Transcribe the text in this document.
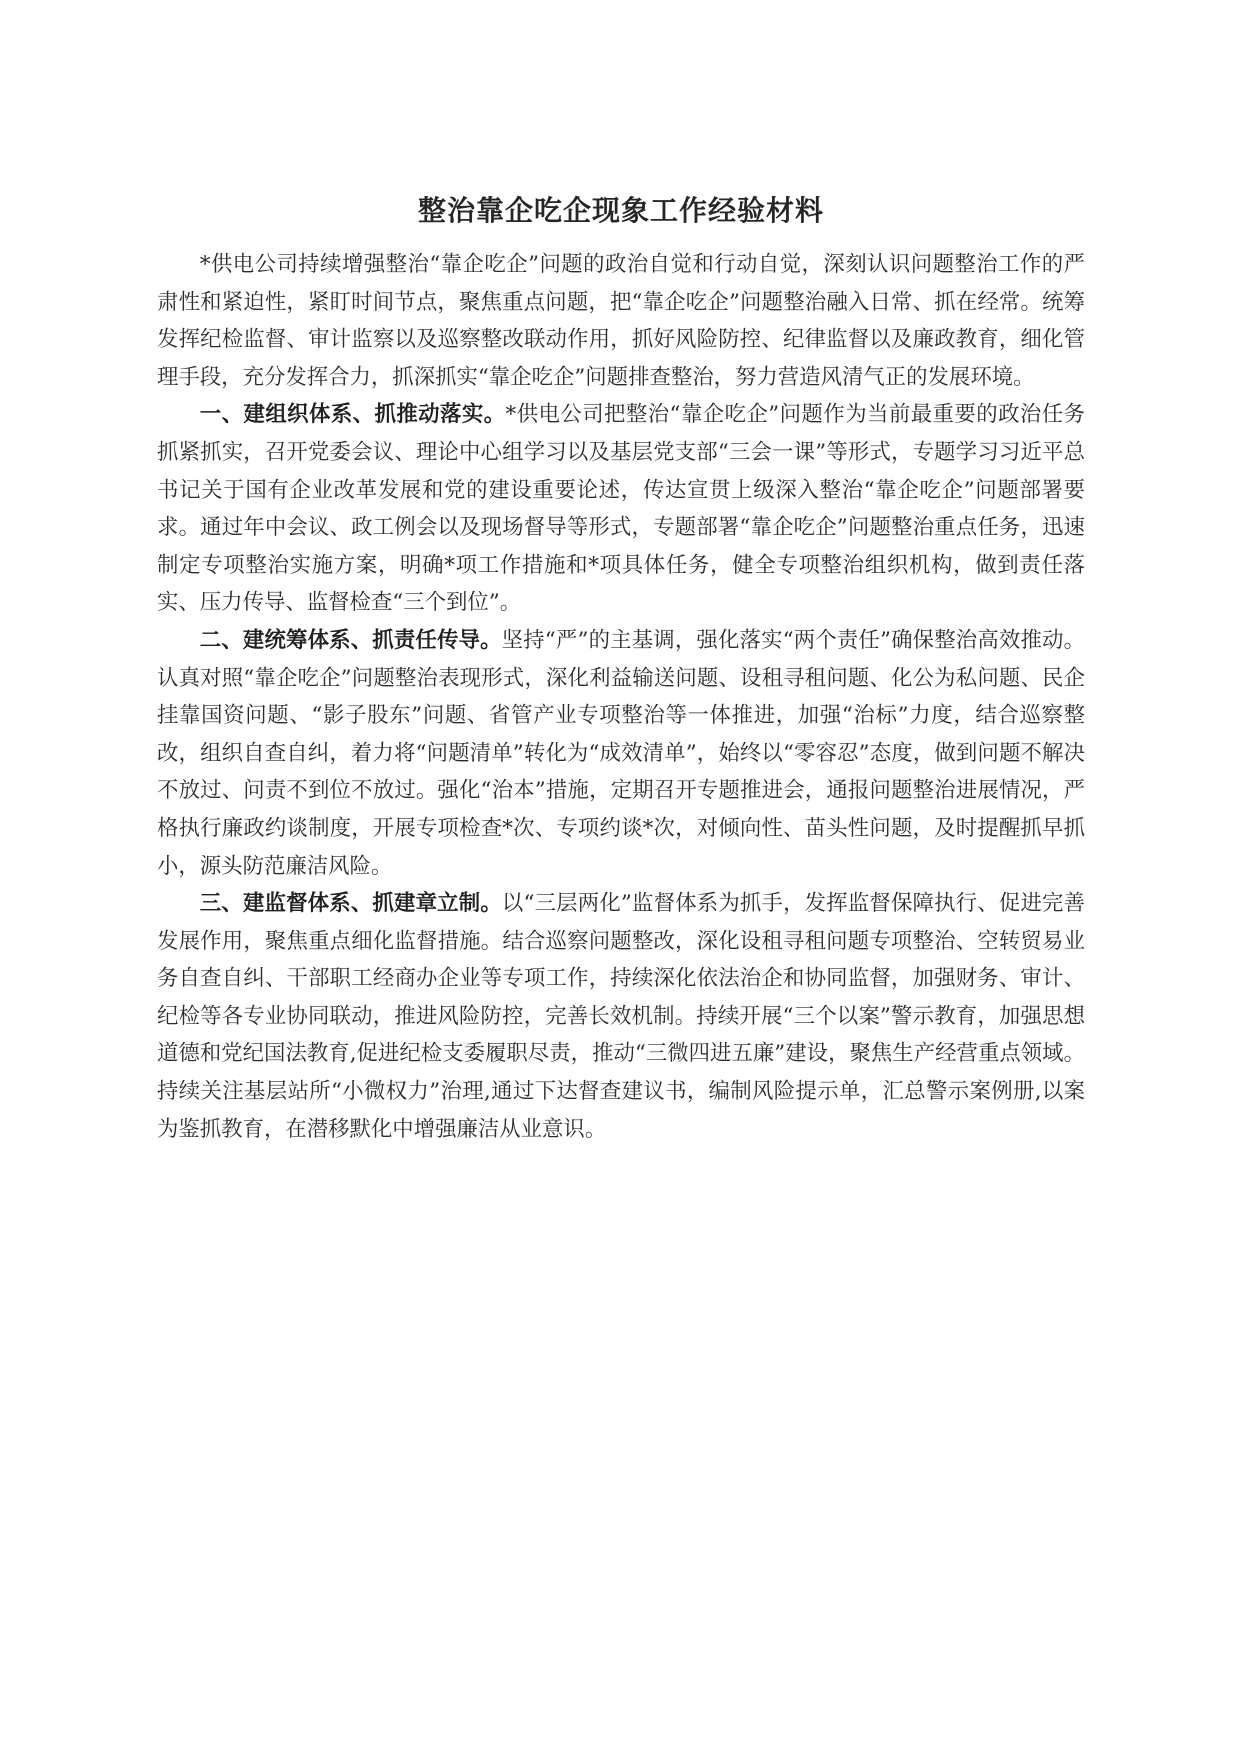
整治靠企吃企现象工作经验材料

*供电公司持续增强整治“靠企吃企”问题的政治自觉和行动自觉，深刻认识问题整治工作的严肃性和紧迫性，紧盯时间节点，聚焦重点问题，把“靠企吃企”问题整治融入日常、抓在经常。统筹发挥纪检监督、审计监察以及巡察整改联动作用，抓好风险防控、纪律监督以及廉政教育，细化管理手段，充分发挥合力，抓深抓实“靠企吃企”问题排查整治，努力营造风清气正的发展环境。

一、建组织体系、抓推动落实。*供电公司把整治“靠企吃企”问题作为当前最重要的政治任务抓紧抓实，召开党委会议、理论中心组学习以及基层党支部“三会一课”等形式，专题学习习近平总书记关于国有企业改革发展和党的建设重要论述，传达宣贯上级深入整治“靠企吃企”问题部署要求。通过年中会议、政工例会以及现场督导等形式，专题部署“靠企吃企”问题整治重点任务，迅速制定专项整治实施方案，明确*项工作措施和*项具体任务，健全专项整治组织机构，做到责任落实、压力传导、监督检查“三个到位”。

二、建统筹体系、抓责任传导。坚持“严”的主基调，强化落实“两个责任”确保整治高效推动。认真对照“靠企吃企”问题整治表现形式，深化利益输送问题、设租寻租问题、化公为私问题、民企挂靠国资问题、“影子股东”问题、省管产业专项整治等一体推进，加强“治标”力度，结合巡察整改，组织自查自纠，着力将“问题清单”转化为“成效清单”，始终以“零容忍”态度，做到问题不解决不放过、问责不到位不放过。强化“治本”措施，定期召开专题推进会，通报问题整治进展情况，严格执行廉政约谈制度，开展专项检查*次、专项约谈*次，对倾向性、苗头性问题，及时提醒抓早抓小，源头防范廉洁风险。

三、建监督体系、抓建章立制。以“三层两化”监督体系为抓手，发挥监督保障执行、促进完善发展作用，聚焦重点细化监督措施。结合巡察问题整改，深化设租寻租问题专项整治、空转贸易业务自查自纠、干部职工经商办企业等专项工作，持续深化依法治企和协同监督，加强财务、审计、纪检等各专业协同联动，推进风险防控，完善长效机制。持续开展“三个以案”警示教育，加强思想道德和党纪国法教育,促进纪检支委履职尽责，推动“三微四进五廉”建设，聚焦生产经营重点领域。持续关注基层站所“小微权力”治理,通过下达督查建议书，编制风险提示单，汇总警示案例册,以案为鉴抓教育，在潜移默化中增强廉洁从业意识。
